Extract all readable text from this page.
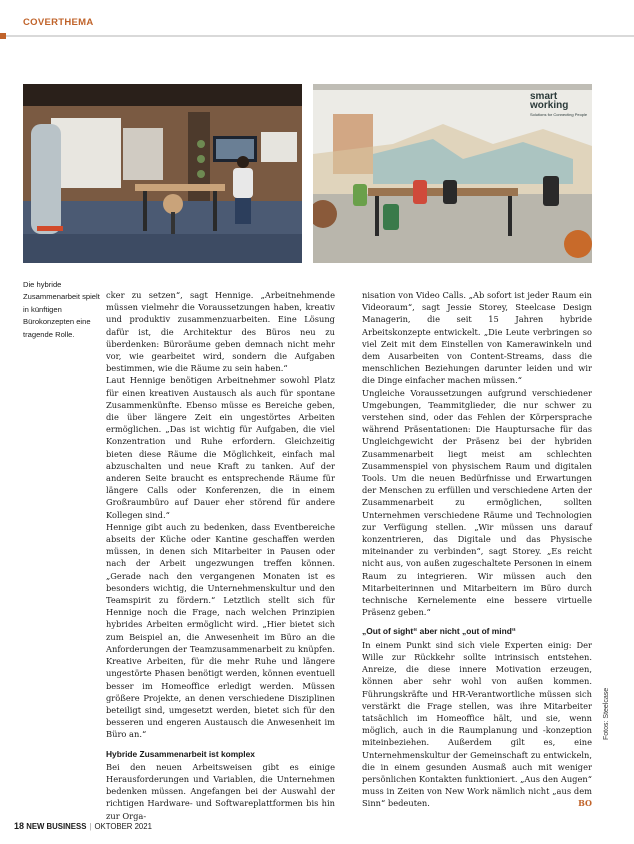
COVERTHEMA
smart working
Solutions for Connecting People
Die hybride Zusammenarbeit spielt in künftigen Bürokonzepten eine tragende Rolle.

cker zu setzen“, sagt Hennige. „Arbeitnehmende müssen vielmehr die Voraussetzungen haben, kreativ und produktiv zusammenzuarbeiten. Eine Lösung dafür ist, die Architektur des Büros neu zu überdenken: Büroräume geben demnach nicht mehr vor, wie gearbeitet wird, sondern die Aufgaben bestimmen, wie die Räume zu sein haben.“

Laut Hennige benötigen Arbeitnehmer sowohl Platz für einen kreativen Austausch als auch für spontane Zusammenkünfte. Ebenso müsse es Bereiche geben, die über längere Zeit ein ungestörtes Arbeiten ermöglichen. „Das ist wichtig für Aufgaben, die viel Konzentration und Ruhe erfordern. Gleichzeitig bieten diese Räume die Möglichkeit, einfach mal abzuschalten und neue Kraft zu tanken. Auf der anderen Seite braucht es entsprechende Räume für längere Calls oder Konferenzen, die in einem Großraumbüro auf Dauer eher störend für andere Kollegen sind.“

Hennige gibt auch zu bedenken, dass Eventbereiche abseits der Küche oder Kantine geschaffen werden müssen, in denen sich Mitarbeiter in Pausen oder nach der Arbeit ungezwungen treffen können. „Gerade nach den vergangenen Monaten ist es besonders wichtig, die Unternehmenskultur und den Teamspirit zu fördern.“ Letztlich stellt sich für Hennige noch die Frage, nach welchen Prinzipien hybrides Arbeiten ermöglicht wird. „Hier bietet sich zum Beispiel an, die Anwesenheit im Büro an die Anforderungen der Teamzusammenarbeit zu knüpfen. Kreative Arbeiten, für die mehr Ruhe und längere ungestörte Phasen benötigt werden, können eventuell besser im Homeoffice erledigt werden. Müssen größere Projekte, an denen verschiedene Disziplinen beteiligt sind, umgesetzt werden, bietet sich für den besseren und engeren Austausch die Anwesenheit im Büro an.“

Hybride Zusammenarbeit ist komplex

Bei den neuen Arbeitsweisen gibt es einige Herausforderungen und Variablen, die Unternehmen bedenken müssen. Angefangen bei der Auswahl der richtigen Hardware- und Softwareplattformen bis hin zur Orga-

nisation von Video Calls. „Ab sofort ist jeder Raum ein Videoraum“, sagt Jessie Storey, Steelcase Design Managerin, die seit 15 Jahren hybride Arbeitskonzepte entwickelt. „Die Leute verbringen so viel Zeit mit dem Einstellen von Kamerawinkeln und dem Ausarbeiten von Content-Streams, dass die menschlichen Beziehungen darunter leiden und wir die Dinge einfacher machen müssen.“

Ungleiche Voraussetzungen aufgrund verschiedener Umgebungen, Teammitglieder, die nur schwer zu verstehen sind, oder das Fehlen der Körpersprache während Präsentationen: Die Hauptursache für das Ungleichgewicht der Präsenz bei der hybriden Zusammenarbeit liegt meist am schlechten Zusammenspiel von physischem Raum und digitalen Tools. Um die neuen Bedürfnisse und Erwartungen der Menschen zu erfüllen und verschiedene Arten der Zusammenarbeit zu ermöglichen, sollten Unternehmen verschiedene Räume und Technologien zur Verfügung stellen. „Wir müssen uns darauf konzentrieren, das Digitale und das Physische miteinander zu verbinden“, sagt Storey. „Es reicht nicht aus, von außen zugeschaltete Personen in einem Raum zu integrieren. Wir müssen auch den Mitarbeiterinnen und Mitarbeitern im Büro durch technische Kernelemente eine bessere virtuelle Präsenz geben.“

„Out of sight“ aber nicht „out of mind“

In einem Punkt sind sich viele Experten einig: Der Wille zur Rückkehr sollte intrinsisch entstehen. Anreize, die diese innere Motivation erzeugen, können aber sehr wohl von außen kommen. Führungskräfte und HR-Verantwortliche müssen sich verstärkt die Frage stellen, was ihre Mitarbeiter tatsächlich im Homeoffice hält, und sie, wenn möglich, auch in die Raumplanung und -konzeption miteinbeziehen. Außerdem gilt es, eine Unternehmenskultur der Gemeinschaft zu entwickeln, die in einem gesunden Ausmaß auch mit weniger persönlichen Kontakten funktioniert. „Aus den Augen“ muss in Zeiten von New Work nämlich nicht „aus dem Sinn“ bedeuten.	BO

Fotos: Steelcase
18 NEW BUSINESS | OKTOBER 2021
